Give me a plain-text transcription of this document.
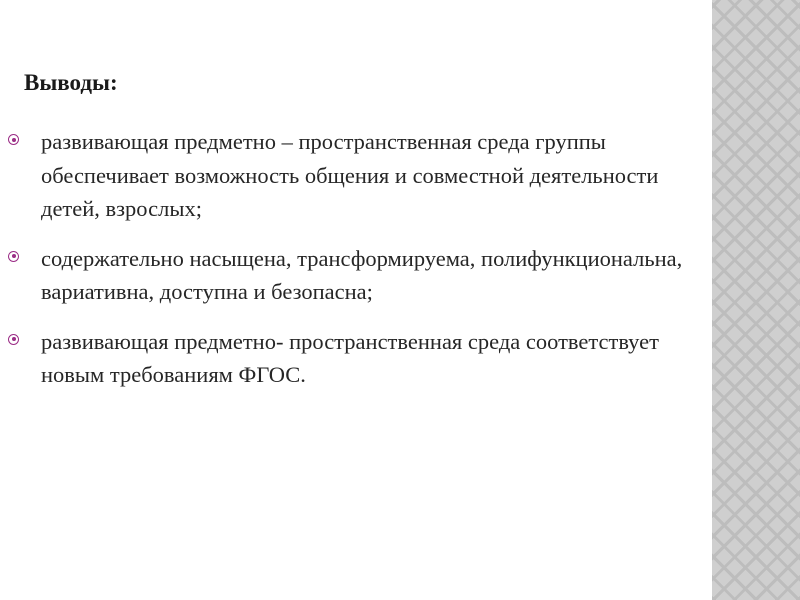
Выводы:
развивающая предметно – пространственная среда группы обеспечивает возможность общения и совместной деятельности детей, взрослых;
содержательно насыщена, трансформируема, полифункциональна, вариативна, доступна и безопасна;
развивающая предметно- пространственная среда соответствует новым требованиям ФГОС.
